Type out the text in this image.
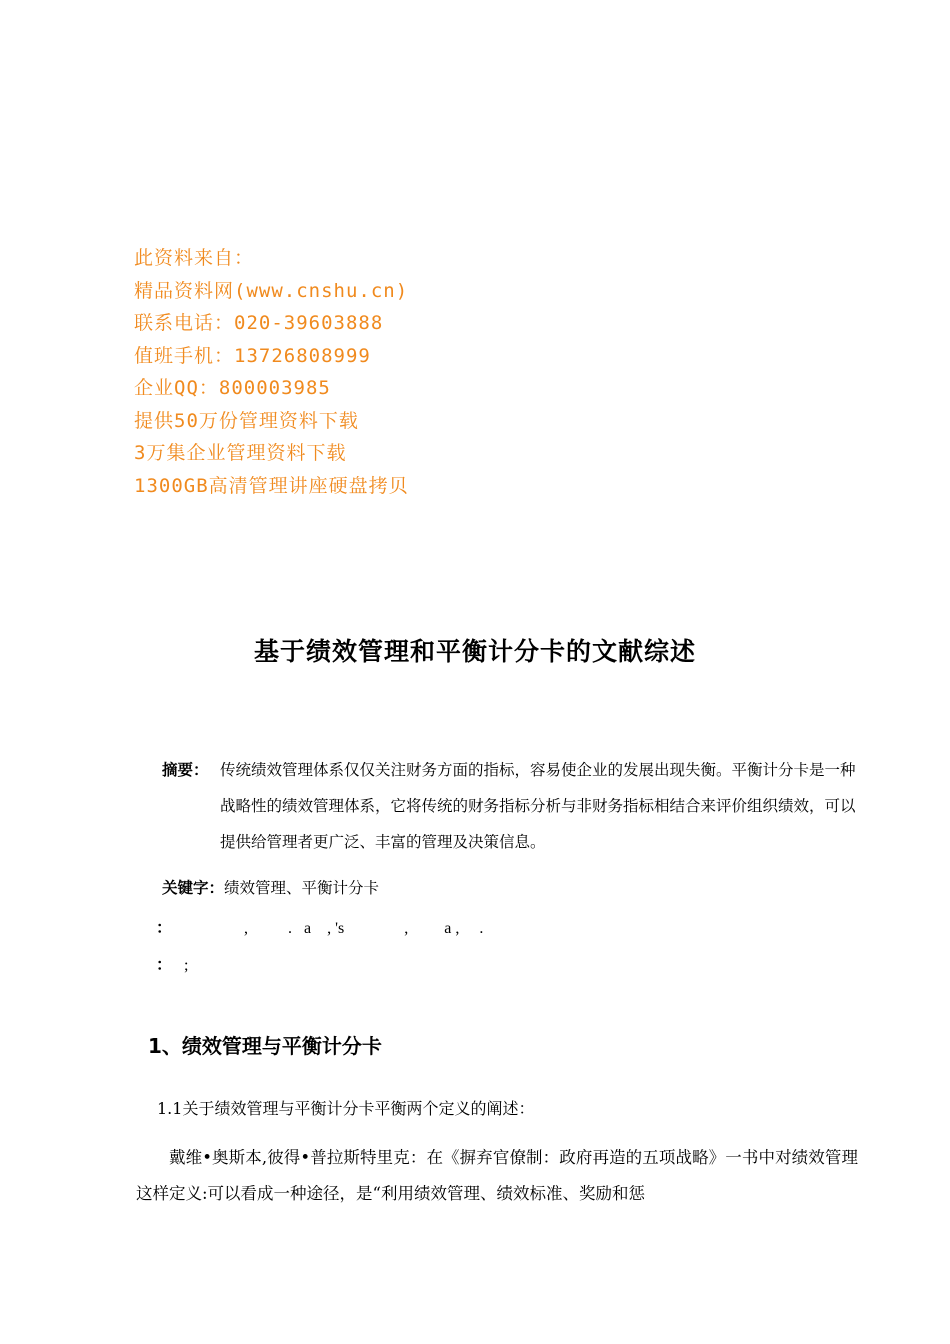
此资料来自：
精品资料网(www.cnshu.cn)
联系电话：020-39603888
值班手机：13726808999
企业QQ：800003985
提供50万份管理资料下载
3万集企业管理资料下载
1300GB高清管理讲座硬盘拷贝
基于绩效管理和平衡计分卡的文献综述
摘要： 传统绩效管理体系仅仅关注财务方面的指标，容易使企业的发展出现失衡。平衡计分卡是一种战略性的绩效管理体系，它将传统的财务指标分析与非财务指标相结合来评价组织绩效，可以提供给管理者更广泛、丰富的管理及决策信息。
关键字：绩效管理、平衡计分卡
：                  ,          .   a    , 's               ,         a ,     .
：   ;
1、绩效管理与平衡计分卡
1.1关于绩效管理与平衡计分卡平衡两个定义的阐述：
戴维•奥斯本,彼得•普拉斯特里克：在《摒弃官僚制：政府再造的五项战略》一书中对绩效管理这样定义:可以看成一种途径，是“利用绩效管理、绩效标准、奖励和惩
